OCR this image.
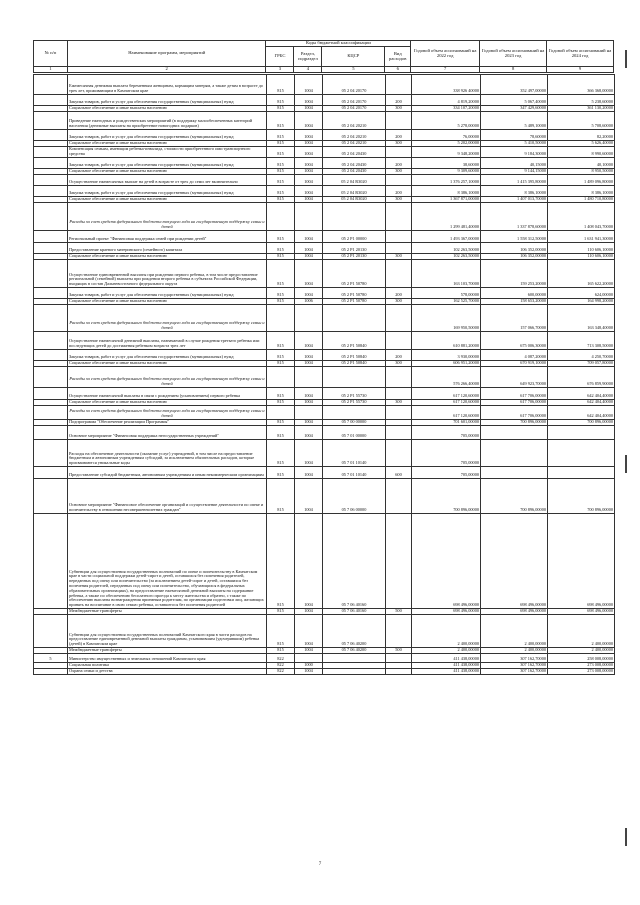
№ п/п	Наименование программ, мероприятий	Коды бюджетной классификации				Годовой объем ассигнований на 2022 год	Годовой объем ассигнований на 2023 год	Годовой объем ассигнований на 2024 год
		ГРБС	Раздел, подраздел	КЦСР	Вид расходов			
1	2	3	4	5	6	7	8	9
	Ежемесячная денежная выплата беременным женщинам, кормящим матерям, а также детям в возрасте до трех лет, проживающим в Камчатском крае	815	1004	05 2 04 20170		338 926 40000	352 497,00000	366 368,00000
	Закупка товаров, работ и услуг для обеспечения государственных (муниципальных) нужд	815	1004	05 2 04 20170	200	4 819,20000	5 067,40000	5 238,60000
	Социальное обеспечение и иные выплаты населению	815	1004	05 2 04 20170	300	334 107,20000	347 429,60000	361 130,20000
	Проведение ежегодных и рождественских мероприятий (в поддержку малообеспеченных категорий населения (денежные выплаты на приобретение новогодних подарков)	815	1004	05 2 04 20210		5 278,00000	5 489,10000	5 708,60000
	Закупка товаров, работ и услуг для обеспечения государственных (муниципальных) нужд	815	1004	05 2 04 20210	200	76,00000	78,60000	82,20000
	Социальное обеспечение и иные выплаты населению	815	1004	05 2 04 20210	300	5 202,00000	5 410,50000	5 626,40000
	Компенсация семьям, имеющим ребенка-инвалида, стоимости приобретенного ими транспортного средства	815	1004	05 2 04 20430		9 348,20000	9 184,30000	8 990,60000
	Закупка товаров, работ и услуг для обеспечения государственных (муниципальных) нужд	815	1004	05 2 04 20430	200	38,60000	40,15000	40,10000
	Социальное обеспечение и иные выплаты населению	815	1004	05 2 04 20430	300	9 309,60000	9 144,15000	8 950,50000
	Осуществление ежемесячных выплат на детей в возрасте от трех до семи лет включительно	815	1004	05 2 04 R3020		1 376 257,10000	1 415 395,80000	1 489 096,80000
	Закупка товаров, работ и услуг для обеспечения государственных (муниципальных) нужд	815	1004	05 2 04 R3020	200	8 386,10000	8 386,10000	8 386,10000
	Социальное обеспечение и иные выплаты населению	815	1004	05 2 04 R3020	300	1 367 871,00000	1 407 013,70000	1 480 710,80000
	Расходы за счет средств федерального бюджета текущего года на государственную поддержку семьи и детей					1 299 481,40000	1 337 878,60000	1 408 043,70000
	Региональный проект "Финансовая поддержка семей при рождении детей"	815	1004	05 2 P1 00000		1 493 367,00000	1 558 312,50000	1 631 941,30000
	Предоставление краевого материнского (семейного) капитала	815	1004	05 2 P1 20130		102 263,50000	106 352,00000	110 606,10000
	Социальное обеспечение и иные выплаты населению	815	1004	05 2 P1 20130	300	102 263,50000	106 352,00000	110 606,10000
	Осуществление единовременной выплаты при рождении первого ребенка, в том числе предоставление региональной (семейной) выплаты при рождении второго ребенка в субъектах Российской Федерации, входящих в состав Дальневосточного федерального округа	815	1004	05 2 P1 50780		163 103,70000	159 253,20000	165 622,20000
	Закупка товаров, работ и услуг для обеспечения государственных (муниципальных) нужд	815	1004	05 2 P1 50780	200	578,00000	600,00000	624,00000
	Социальное обеспечение и иные выплаты населению	815	1006	05 2 P1 50780	300	162 525,70000	158 653,20000	164 998,20000
	Расходы за счет средств федерального бюджета текущего года на государственную поддержку семьи и детей					169 950,50000	157 066,70000	163 348,40000
	Осуществление ежемесячной денежной выплаты, назначаемой в случае рождения третьего ребенка или последующих детей до достижения ребенком возраста трех лет	815	1004	05 2 P1 50840		610 881,20000	675 006,30000	713 308,50000
	Закупка товаров, работ и услуг для обеспечения государственных (муниципальных) нужд	815	1004	05 2 P1 50840	200	3 930,00000	4 087,20000	4 250,70000
	Социальное обеспечение и иные выплаты населению	815	1004	05 2 P1 50840	300	606 951,20000	670 919,10000	709 057,80000
	Расходы за счет средств федерального бюджета текущего года на государственную поддержку семьи и детей					576 266,40000	649 923,70000	676 859,90000
	Осуществление ежемесячной выплаты в связи с рождением (усыновлением) первого ребенка	815	1004	05 2 P1 55730		617 120,60000	617 706,00000	642 404,40000
	Социальное обеспечение и иные выплаты населению	815	1004	05 2 P1 55730	300	617 120,60000	617 706,00000	642 404,40000
	Расходы за счет средств федерального бюджета текущего года на государственную поддержку семьи и детей					617 120,60000	617 706,00000	642 404,40000
	Подпрограмма "Обеспечение реализации Программы"	815	1004	05 7 00 00000		701 601,00000	700 896,00000	700 896,00000
	Основное мероприятие "Финансовая поддержка негосударственных учреждений"	815	1004	05 7 01 00000		705,00000		
	Расходы на обеспечение деятельности (оказание услуг) учреждений, в том числе на предоставление бюджетным и автономным учреждениям субсидий, за исключением обязательных расходов, которые присваиваются уникальные коды	815	1004	05 7 01 10140		705,00000		
	Предоставление субсидий бюджетным, автономным учреждениям и иным некоммерческим организациям	815	1004	05 7 01 10140	600	705,00000		
	Основное мероприятие "Финансовое обеспечение организаций и осуществление деятельности по опеке и попечительству в отношении несовершеннолетних граждан"	815	1004	05 7 06 00000		700 896,00000	700 896,00000	700 896,00000
	Субвенции для осуществления государственных полномочий по опеке и попечительству в Камчатском крае в части социальной поддержки детей-сирот и детей, оставшихся без попечения родителей, переданных под опеку или попечительство (за исключением детей-сирот и детей, оставшихся без попечения родителей, переданных под опеку или попечительство, обучающихся в федеральных образовательных организациях), на предоставление ежемесячной денежной выплаты на содержание ребенка, а также по обеспечению бесплатного проезда к месту жительства и обратно, с также по обеспечению выплаты вознаграждения приемным родителям, по организации подготовки лиц, желающих принять на воспитание в свою семью ребенка, оставшегося без попечения родителей	815	1004	05 7 06 40160		698 496,00000	698 496,00000	698 496,00000
	Межбюджетные трансферты	815	1004	05 7 06 40160	500	698 496,00000	698 496,00000	698 496,00000
	Субвенции для осуществления государственных полномочий Камчатского края в части расходов на предоставление единовременной денежной выплаты гражданам, усыновившим (удочерившим) ребенка (детей) в Камчатском крае	815	1004	05 7 06 40200		2 400,00000	2 400,00000	2 400,00000
	Межбюджетные трансферты	815	1004	05 7 06 40200	500	2 400,00000	2 400,00000	2 400,00000
5	Министерство имущественных и земельных отношений Камчатского края	822				411 438,00000	307 162,70000	258 008,00000
	Социальная политика	822	1000			411 438,00000	307 162,70000	273 008,00000
	Охрана семьи и детства	822	1004			411 438,00000	307 162,70000	273 008,00000
7
